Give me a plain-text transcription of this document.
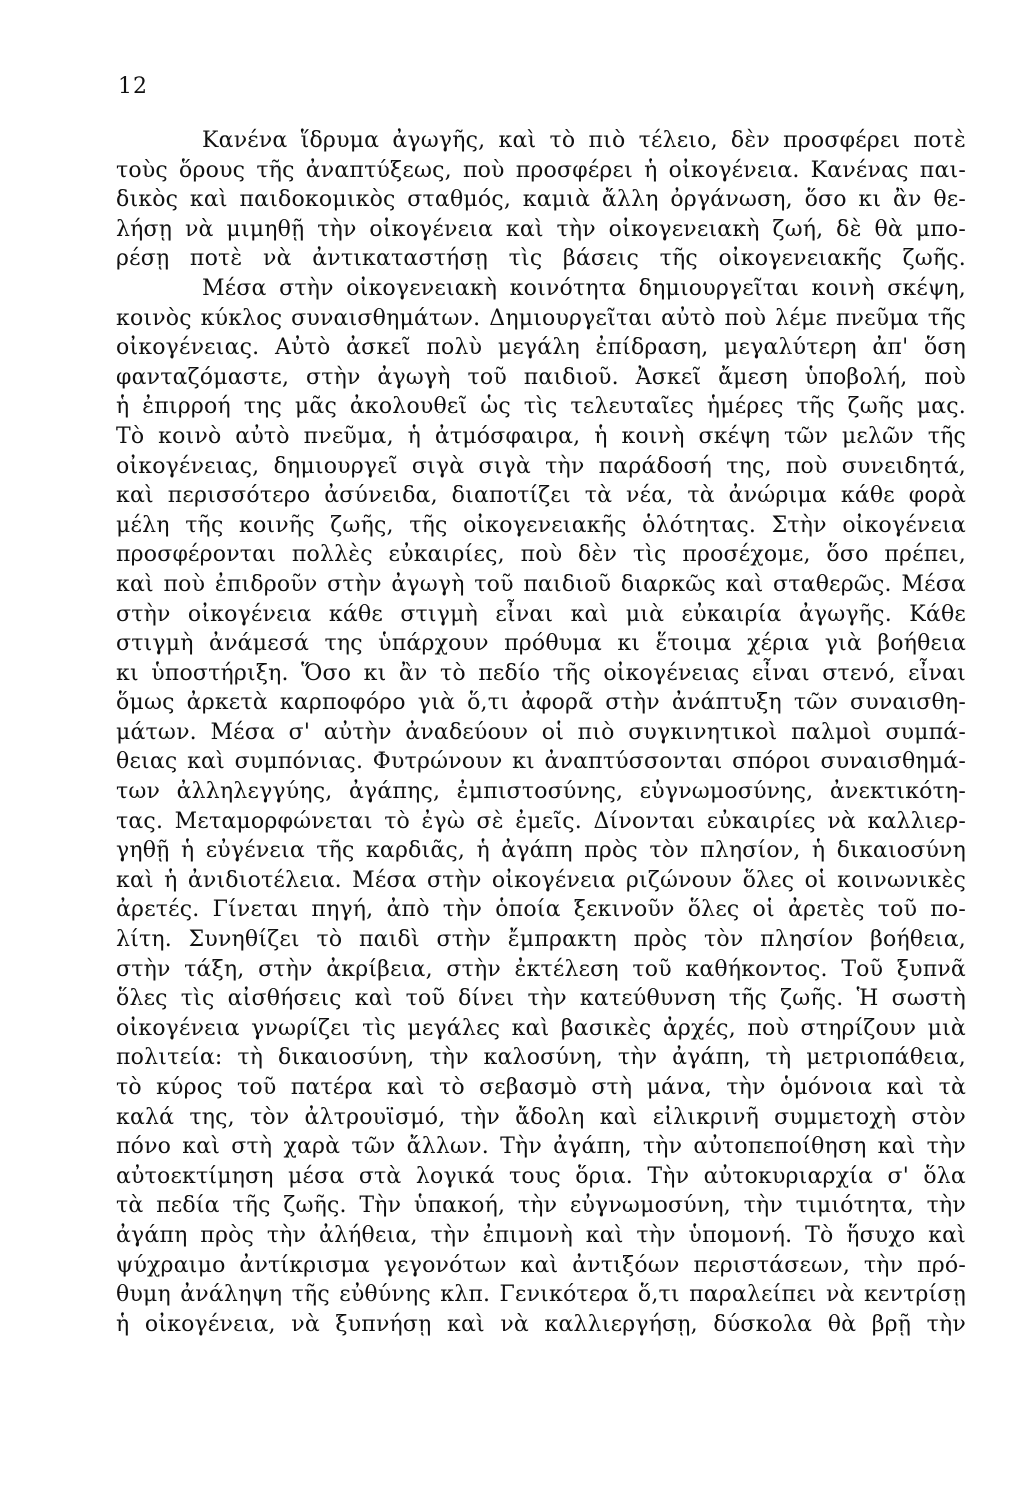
12
Κανένα ἵδρυμα ἀγωγῆς, καὶ τὸ πιὸ τέλειο, δὲν προσφέρει ποτὲ
τοὺς ὅρους τῆς ἀναπτύξεως, ποὺ προσφέρει ἡ οἰκογένεια. Κανένας παι-
δικὸς καὶ παιδοκομικὸς σταθμός, καμιὰ ἄλλη ὀργάνωση, ὅσο κι ἂν θε-
λήσῃ νὰ μιμηθῇ τὴν οἰκογένεια καὶ τὴν οἰκογενειακὴ ζωή, δὲ θὰ μπο-
ρέσῃ ποτὲ νὰ ἀντικαταστήσῃ τὶς βάσεις τῆς οἰκογενειακῆς ζωῆς.
Μέσα στὴν οἰκογενειακὴ κοινότητα δημιουργεῖται κοινὴ σκέψη,
κοινὸς κύκλος συναισθημάτων. Δημιουργεῖται αὐτὸ ποὺ λέμε πνεῦμα τῆς
οἰκογένειας. Αὐτὸ ἀσκεῖ πολὺ μεγάλη ἐπίδραση, μεγαλύτερη ἀπ' ὅση
φανταζόμαστε, στὴν ἀγωγὴ τοῦ παιδιοῦ. Ἀσκεῖ ἄμεση ὑποβολή, ποὺ
ἡ ἐπιρροή της μᾶς ἀκολουθεῖ ὡς τὶς τελευταῖες ἡμέρες τῆς ζωῆς μας.
Τὸ κοινὸ αὐτὸ πνεῦμα, ἡ ἀτμόσφαιρα, ἡ κοινὴ σκέψη τῶν μελῶν τῆς
οἰκογένειας, δημιουργεῖ σιγὰ σιγὰ τὴν παράδοσή της, ποὺ συνειδητά,
καὶ περισσότερο ἀσύνειδα, διαποτίζει τὰ νέα, τὰ ἀνώριμα κάθε φορὰ
μέλη τῆς κοινῆς ζωῆς, τῆς οἰκογενειακῆς ὁλότητας. Στὴν οἰκογένεια
προσφέρονται πολλὲς εὐκαιρίες, ποὺ δὲν τὶς προσέχομε, ὅσο πρέπει,
καὶ ποὺ ἐπιδροῦν στὴν ἀγωγὴ τοῦ παιδιοῦ διαρκῶς καὶ σταθερῶς. Μέσα
στὴν οἰκογένεια κάθε στιγμὴ εἶναι καὶ μιὰ εὐκαιρία ἀγωγῆς. Κάθε
στιγμὴ ἀνάμεσά της ὑπάρχουν πρόθυμα κι ἕτοιμα χέρια γιὰ βοήθεια
κι ὑποστήριξη. Ὅσο κι ἂν τὸ πεδίο τῆς οἰκογένειας εἶναι στενό, εἶναι
ὅμως ἀρκετὰ καρποφόρο γιὰ ὅ,τι ἀφορᾶ στὴν ἀνάπτυξη τῶν συναισθη-
μάτων. Μέσα σ' αὐτὴν ἀναδεύουν οἱ πιὸ συγκινητικοὶ παλμοὶ συμπά-
θειας καὶ συμπόνιας. Φυτρώνουν κι ἀναπτύσσονται σπόροι συναισθημά-
των ἀλληλεγγύης, ἀγάπης, ἐμπιστοσύνης, εὐγνωμοσύνης, ἀνεκτικότη-
τας. Μεταμορφώνεται τὸ ἐγὼ σὲ ἐμεῖς. Δίνονται εὐκαιρίες νὰ καλλιερ-
γηθῇ ἡ εὐγένεια τῆς καρδιᾶς, ἡ ἀγάπη πρὸς τὸν πλησίον, ἡ δικαιοσύνη
καὶ ἡ ἀνιδιοτέλεια. Μέσα στὴν οἰκογένεια ριζώνουν ὅλες οἱ κοινωνικὲς
ἀρετές. Γίνεται πηγή, ἀπὸ τὴν ὁποία ξεκινοῦν ὅλες οἱ ἀρετὲς τοῦ πο-
λίτη. Συνηθίζει τὸ παιδὶ στὴν ἔμπρακτη πρὸς τὸν πλησίον βοήθεια,
στὴν τάξη, στὴν ἀκρίβεια, στὴν ἐκτέλεση τοῦ καθήκοντος. Τοῦ ξυπνᾶ
ὅλες τὶς αἰσθήσεις καὶ τοῦ δίνει τὴν κατεύθυνση τῆς ζωῆς. Ἡ σωστὴ
οἰκογένεια γνωρίζει τὶς μεγάλες καὶ βασικὲς ἀρχές, ποὺ στηρίζουν μιὰ
πολιτεία: τὴ δικαιοσύνη, τὴν καλοσύνη, τὴν ἀγάπη, τὴ μετριοπάθεια,
τὸ κύρος τοῦ πατέρα καὶ τὸ σεβασμὸ στὴ μάνα, τὴν ὁμόνοια καὶ τὰ
καλά της, τὸν ἀλτρουϊσμό, τὴν ἄδολη καὶ εἰλικρινῆ συμμετοχὴ στὸν
πόνο καὶ στὴ χαρὰ τῶν ἄλλων. Τὴν ἀγάπη, τὴν αὐτοπεποίθηση καὶ τὴν
αὐτοεκτίμηση μέσα στὰ λογικά τους ὅρια. Τὴν αὐτοκυριαρχία σ' ὅλα
τὰ πεδία τῆς ζωῆς. Τὴν ὑπακοή, τὴν εὐγνωμοσύνη, τὴν τιμιότητα, τὴν
ἀγάπη πρὸς τὴν ἀλήθεια, τὴν ἐπιμονὴ καὶ τὴν ὑπομονή. Τὸ ἥσυχο καὶ
ψύχραιμο ἀντίκρισμα γεγονότων καὶ ἀντιξόων περιστάσεων, τὴν πρό-
θυμη ἀνάληψη τῆς εὐθύνης κλπ. Γενικότερα ὅ,τι παραλείπει νὰ κεντρίσῃ
ἡ οἰκογένεια, νὰ ξυπνήσῃ καὶ νὰ καλλιεργήσῃ, δύσκολα θὰ βρῇ τὴν
